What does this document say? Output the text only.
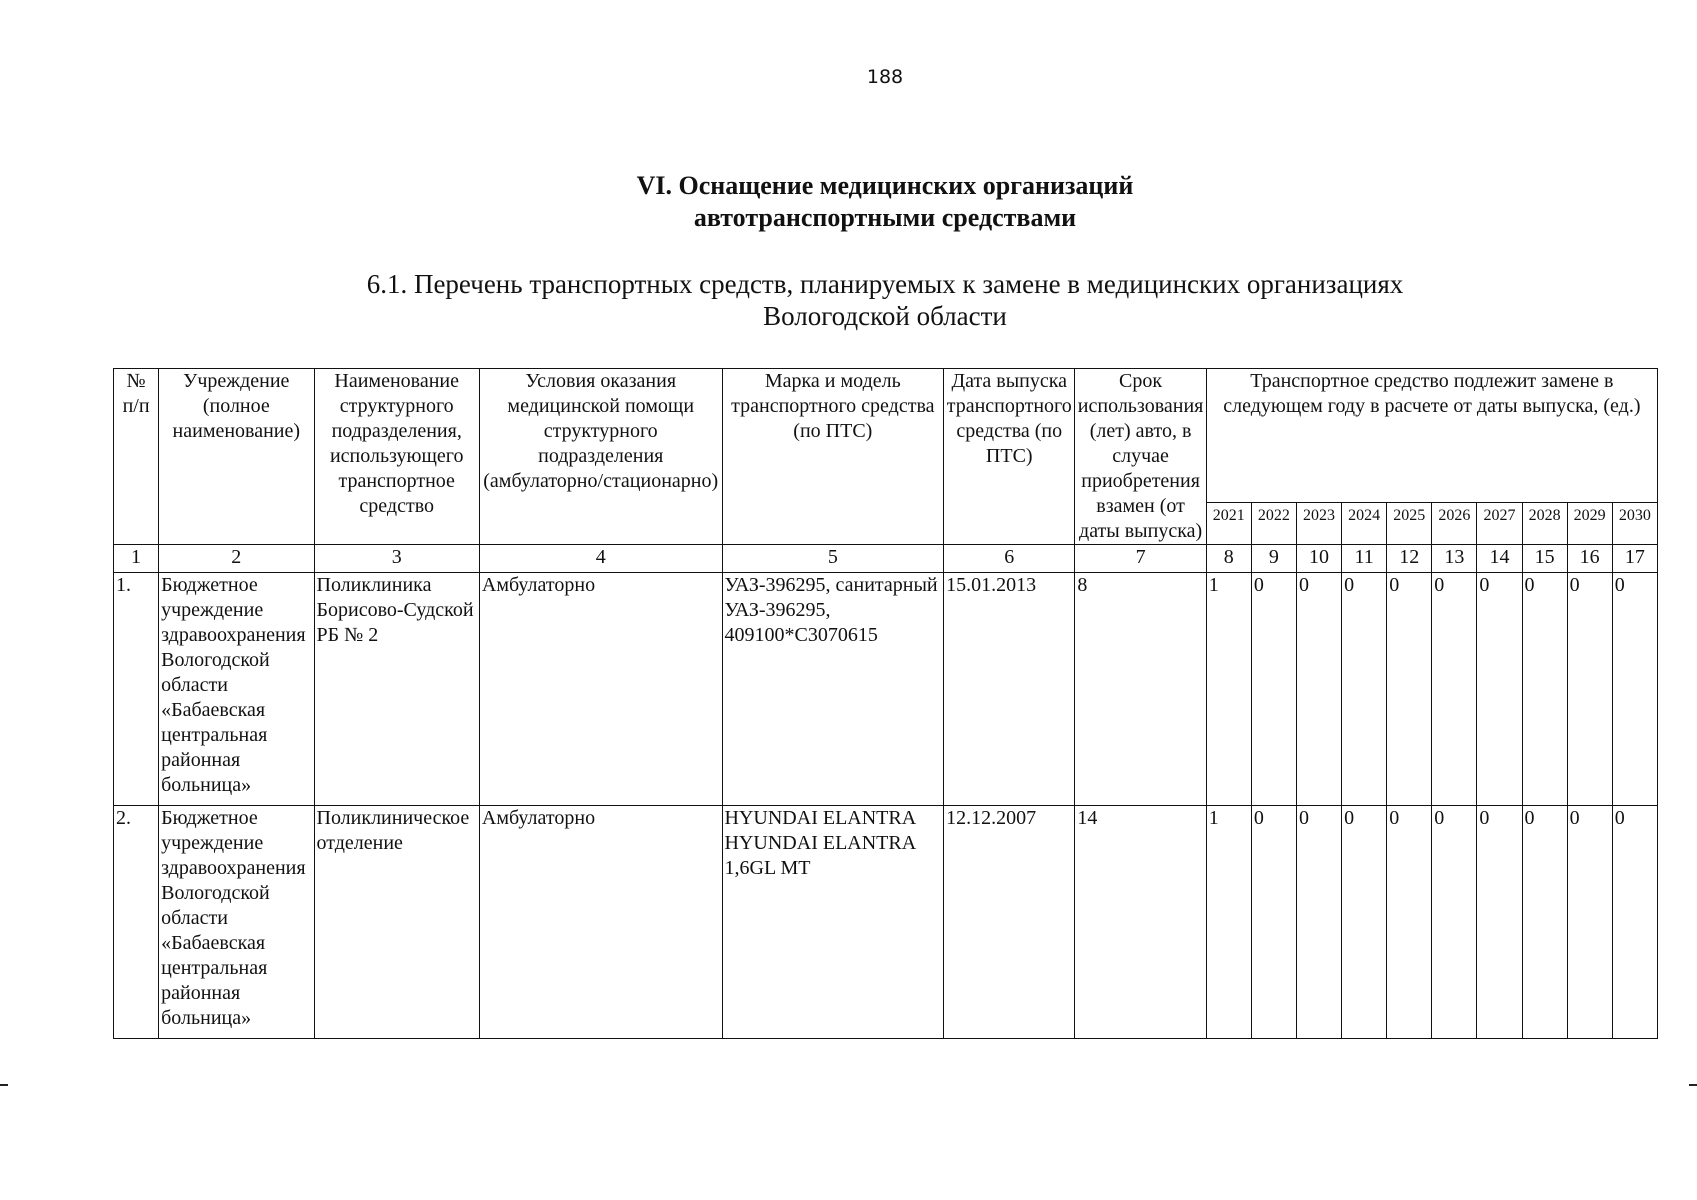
188
VI. Оснащение медицинских организаций
автотранспортными средствами
6.1. Перечень транспортных средств, планируемых к замене в медицинских организациях
Вологодской области
№ п/п	Учреждение (полное наименование)	Наименование структурного подразделения, использующего транспортное средство	Условия оказания медицинской помощи структурного подразделения (амбулаторно/стационарно)	Марка и модель транспортного средства (по ПТС)	Дата выпуска транспортного средства (по ПТС)	Срок использования (лет) авто, в случае приобретения взамен (от даты выпуска)	Транспортное средство подлежит замене в следующем году в расчете от даты выпуска, (ед.)									
							2021	2022	2023	2024	2025	2026	2027	2028	2029	2030
1	2	3	4	5	6	7	8	9	10	11	12	13	14	15	16	17
1.	Бюджетное учреждение здравоохранения Вологодской области «Бабаевская центральная районная больница»	Поликлиника Борисово-Судской РБ № 2	Амбулаторно	УАЗ-396295, санитарный УАЗ-396295, 409100*С3070615	15.01.2013	8	1	0	0	0	0	0	0	0	0	0
2.	Бюджетное учреждение здравоохранения Вологодской области «Бабаевская центральная районная больница»	Поликлиническое отделение	Амбулаторно	HYUNDAI ELANTRA HYUNDAI ELANTRA 1,6GL MT	12.12.2007	14	1	0	0	0	0	0	0	0	0	0
